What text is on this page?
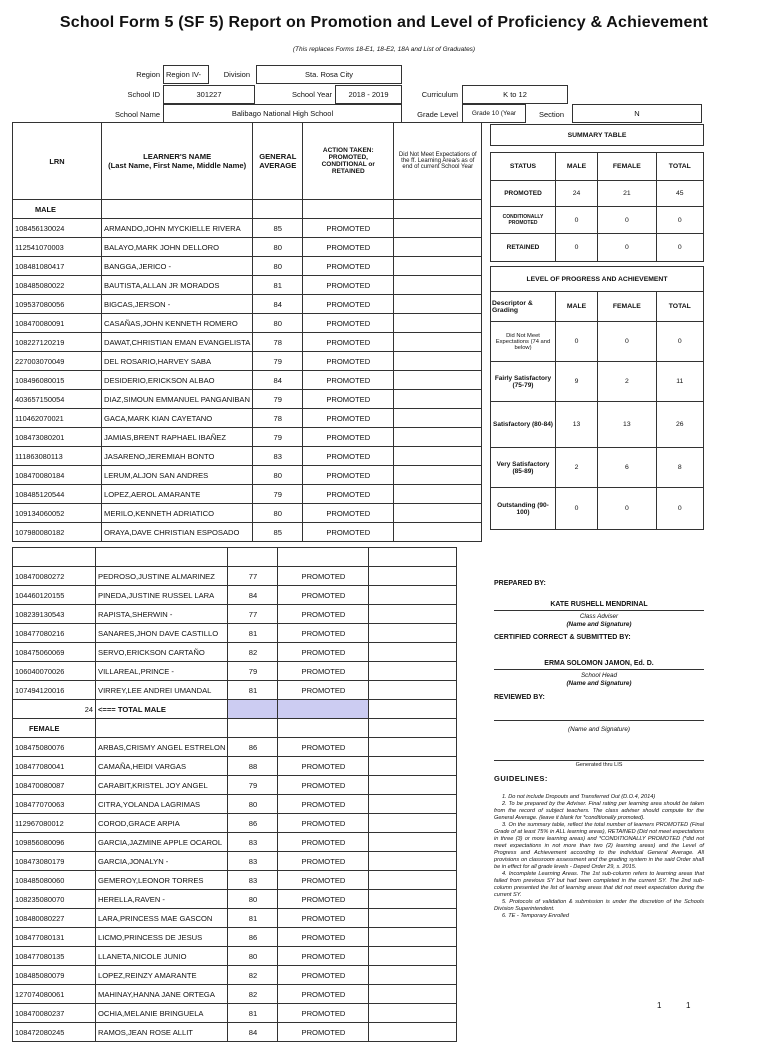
School Form 5 (SF 5) Report on Promotion and Level of Proficiency & Achievement
(This replaces Forms 18-E1, 18-E2, 18A and List of Graduates)
Region Region IV-	Division	Sta. Rosa City
School ID	301227	School Year	2018 - 2019	Curriculum	K to 12
School Name	Balibago National High School	Grade Level	Grade 10 (Year	Section	N
LRN	LEARNER'S NAME
(Last Name, First Name, Middle Name)	GENERAL AVERAGE	ACTION TAKEN: PROMOTED, CONDITIONAL or RETAINED	Did Not Meet Expectations of the ff. Learning Area/s as of end of current School Year
MALE				
108456130024	ARMANDO,JOHN MYCKIELLE RIVERA	85	PROMOTED	
112541070003	BALAYO,MARK JOHN DELLORO	80	PROMOTED	
108481080417	BANGGA,JERICO -	80	PROMOTED	
108485080022	BAUTISTA,ALLAN JR MORADOS	81	PROMOTED	
109537080056	BIGCAS,JERSON -	84	PROMOTED	
108470080091	CASAÑAS,JOHN KENNETH ROMERO	80	PROMOTED	
108227120219	DAWAT,CHRISTIAN EMAN EVANGELISTA	78	PROMOTED	
227003070049	DEL ROSARIO,HARVEY SABA	79	PROMOTED	
108496080015	DESIDERIO,ERICKSON ALBAO	84	PROMOTED	
403657150054	DIAZ,SIMOUN EMMANUEL PANGANIBAN	79	PROMOTED	
110462070021	GACA,MARK KIAN CAYETANO	78	PROMOTED	
108473080201	JAMIAS,BRENT RAPHAEL IBAÑEZ	79	PROMOTED	
111863080113	JASARENO,JEREMIAH BONTO	83	PROMOTED	
108470080184	LERUM,ALJON SAN ANDRES	80	PROMOTED	
108485120544	LOPEZ,AEROL AMARANTE	79	PROMOTED	
109134060052	MERILO,KENNETH ADRIATICO	80	PROMOTED	
107980080182	ORAYA,DAVE CHRISTIAN ESPOSADO	85	PROMOTED	

108470080272	PEDROSO,JUSTINE ALMARINEZ	77	PROMOTED	
104460120155	PINEDA,JUSTINE RUSSEL LARA	84	PROMOTED	
108239130543	RAPISTA,SHERWIN -	77	PROMOTED	
108477080216	SANARES,JHON DAVE CASTILLO	81	PROMOTED	
108475060069	SERVO,ERICKSON CARTAÑO	82	PROMOTED	
106040070026	VILLAREAL,PRINCE -	79	PROMOTED	
107494120016	VIRREY,LEE ANDREI UMANDAL	81	PROMOTED	
24	<=== TOTAL MALE			
FEMALE				
108475080076	ARBAS,CRISMY ANGEL ESTRELON	86	PROMOTED	
108477080041	CAMAÑA,HEIDI VARGAS	88	PROMOTED	
108470080087	CARABIT,KRISTEL JOY ANGEL	79	PROMOTED	
108477070063	CITRA,YOLANDA LAGRIMAS	80	PROMOTED	
112967080012	COROD,GRACE ARPIA	86	PROMOTED	
109856080096	GARCIA,JAZMINE APPLE OCAROL	83	PROMOTED	
108473080179	GARCIA,JONALYN -	83	PROMOTED	
108485080060	GEMEROY,LEONOR TORRES	83	PROMOTED	
108235080070	HERELLA,RAVEN -	80	PROMOTED	
108480080227	LARA,PRINCESS MAE GASCON	81	PROMOTED	
108477080131	LICMO,PRINCESS DE JESUS	86	PROMOTED	
108477080135	LLANETA,NICOLE JUNIO	80	PROMOTED	
108485080079	LOPEZ,REINZY AMARANTE	82	PROMOTED	
127074080061	MAHINAY,HANNA JANE ORTEGA	82	PROMOTED	
108470080237	OCHIA,MELANIE BRINGUELA	81	PROMOTED	
108472080245	RAMOS,JEAN ROSE ALLIT	84	PROMOTED	
SUMMARY TABLE			

STATUS	MALE	FEMALE	TOTAL
PROMOTED	24	21	45
CONDITIONALLY PROMOTED	0	0	0
RETAINED	0	0	0
LEVEL OF PROGRESS AND ACHIEVEMENT			
Descriptor & Grading	MALE	FEMALE	TOTAL
Did Not Meet Expectations (74 and below)	0	0	0
Fairly Satisfactory (75-79)	9	2	11
Satisfactory (80-84)	13	13	26
Very Satisfactory (85-89)	2	6	8
Outstanding (90-100)	0	0	0
PREPARED BY:
KATE RUSHELL MENDRINAL
Class Adviser
(Name and Signature)
CERTIFIED CORRECT & SUBMITTED BY:
ERMA SOLOMON JAMON, Ed. D.
School Head
(Name and Signature)
REVIEWED BY:
(Name and Signature)
Generated thru LIS
GUIDELINES:
1. Do not include Dropouts and Transferred Out (D.O.4, 2014)
2. To be prepared by the Adviser. Final rating per learning area should be taken from the record of subject teachers. The class adviser should compute for the General Average. (leave it blank for *conditionally promoted).
3. On the summary table, reflect the total number of learners PROMOTED (Final Grade of at least 75% in ALL learning areas), RETAINED (Did not meet expectations in three (3) or more learning areas) and *CONDITIONALLY PROMOTED (*did not meet expectations in not more than two (2) learning areas) and the Level of Progress and Achievement according to the individual General Average. All provisions on classroom assessment and the grading system in the said Order shall be in effect for all grade levels - Deped Order 29, s. 2015.
4. Incomplete Learning Areas. The 1st sub-column refers to learning areas that failed from previous SY but had been completed in the current SY. The 2nd sub-column presented the list of learning areas that did not meet expectation during the current SY.
5. Protocols of validation & submission is under the discretion of the Schools Division Superintendent.
6. TE - Temporary Enrolled
1	1
